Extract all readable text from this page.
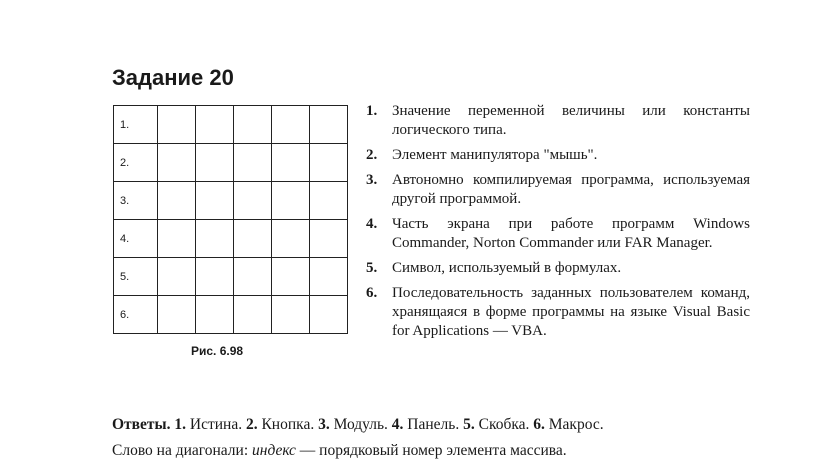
Задание 20
1.					
2.					
3.					
4.					
5.					
6.					
Рис. 6.98
1. Значение переменной величины или константы логического типа.
2. Элемент манипулятора "мышь".
3. Автономно компилируемая программа, используемая другой программой.
4. Часть экрана при работе программ Windows Commander, Norton Commander или FAR Manager.
5. Символ, используемый в формулах.
6. Последовательность заданных пользователем команд, хранящаяся в форме программы на языке Visual Basic for Applications — VBA.
Ответы. 1. Истина. 2. Кнопка. 3. Модуль. 4. Панель. 5. Скобка. 6. Макрос.
Слово на диагонали: индекс — порядковый номер элемента массива.
